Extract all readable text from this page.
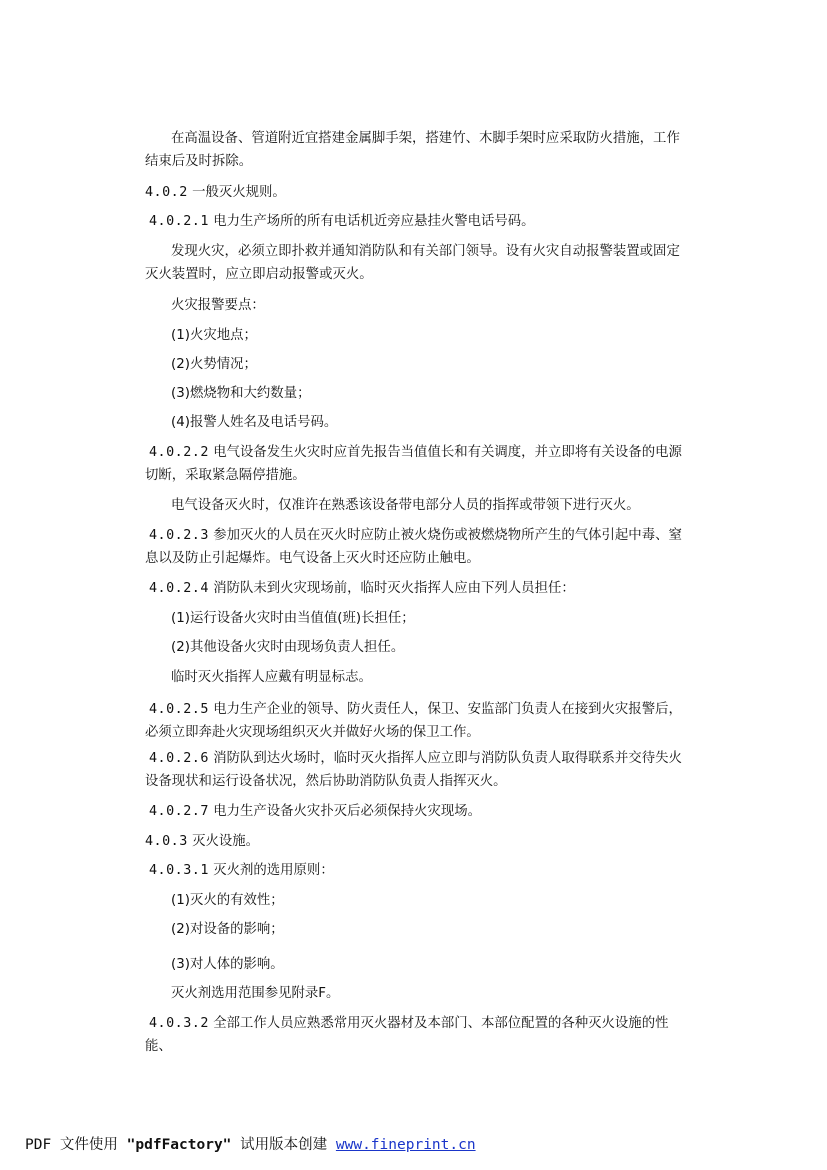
在高温设备、管道附近宜搭建金属脚手架，搭建竹、木脚手架时应采取防火措施，工作结束后及时拆除。

4.0.2 一般灭火规则。

4.0.2.1 电力生产场所的所有电话机近旁应悬挂火警电话号码。

发现火灾，必须立即扑救并通知消防队和有关部门领导。设有火灾自动报警装置或固定灭火装置时，应立即启动报警或灭火。

火灾报警要点：

(1)火灾地点；

(2)火势情况；

(3)燃烧物和大约数量；

(4)报警人姓名及电话号码。

4.0.2.2 电气设备发生火灾时应首先报告当值值长和有关调度，并立即将有关设备的电源切断，采取紧急隔停措施。

电气设备灭火时，仅准许在熟悉该设备带电部分人员的指挥或带领下进行灭火。

4.0.2.3 参加灭火的人员在灭火时应防止被火烧伤或被燃烧物所产生的气体引起中毒、窒息以及防止引起爆炸。电气设备上灭火时还应防止触电。

4.0.2.4 消防队未到火灾现场前，临时灭火指挥人应由下列人员担任：

(1)运行设备火灾时由当值值(班)长担任；

(2)其他设备火灾时由现场负责人担任。

临时灭火指挥人应戴有明显标志。

4.0.2.5 电力生产企业的领导、防火责任人，保卫、安监部门负责人在接到火灾报警后，必须立即奔赴火灾现场组织灭火并做好火场的保卫工作。

4.0.2.6 消防队到达火场时，临时灭火指挥人应立即与消防队负责人取得联系并交待失火设备现状和运行设备状况，然后协助消防队负责人指挥灭火。

4.0.2.7 电力生产设备火灾扑灭后必须保持火灾现场。

4.0.3 灭火设施。

4.0.3.1 灭火剂的选用原则：

(1)灭火的有效性；

(2)对设备的影响；

(3)对人体的影响。

灭火剂选用范围参见附录F。

4.0.3.2 全部工作人员应熟悉常用灭火器材及本部门、本部位配置的各种灭火设施的性能、

PDF 文件使用 "pdfFactory" 试用版本创建 www.fineprint.cn
